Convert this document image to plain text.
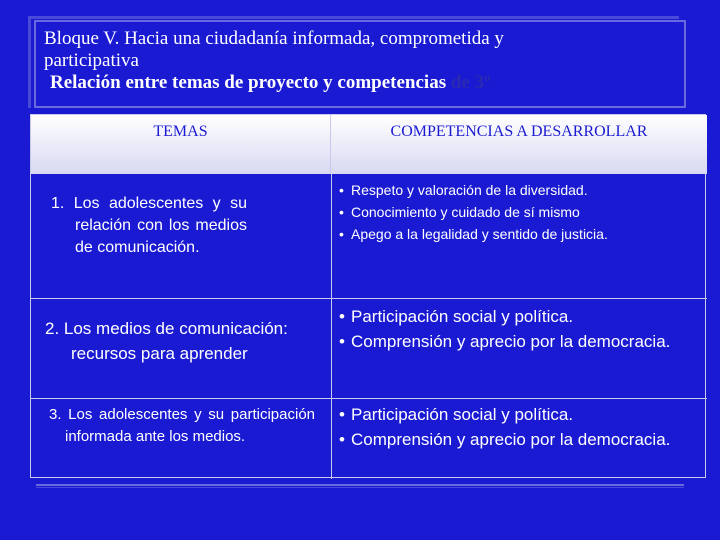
Bloque V. Hacia una ciudadanía informada, comprometida y
participativa
Relación entre temas de proyecto y competencias de 3º
TEMAS	COMPETENCIAS A DESARROLLAR
1. Los adolescentes y su relación con los medios de comunicación.
• Respeto y valoración de la diversidad.
• Conocimiento y cuidado de sí mismo
• Apego a la legalidad y sentido de justicia.
2. Los medios de comunicación: recursos para aprender
• Participación social y política.
• Comprensión y aprecio por la democracia.
3. Los adolescentes y su participación informada ante los medios.
• Participación social y política.
• Comprensión y aprecio por la democracia.
